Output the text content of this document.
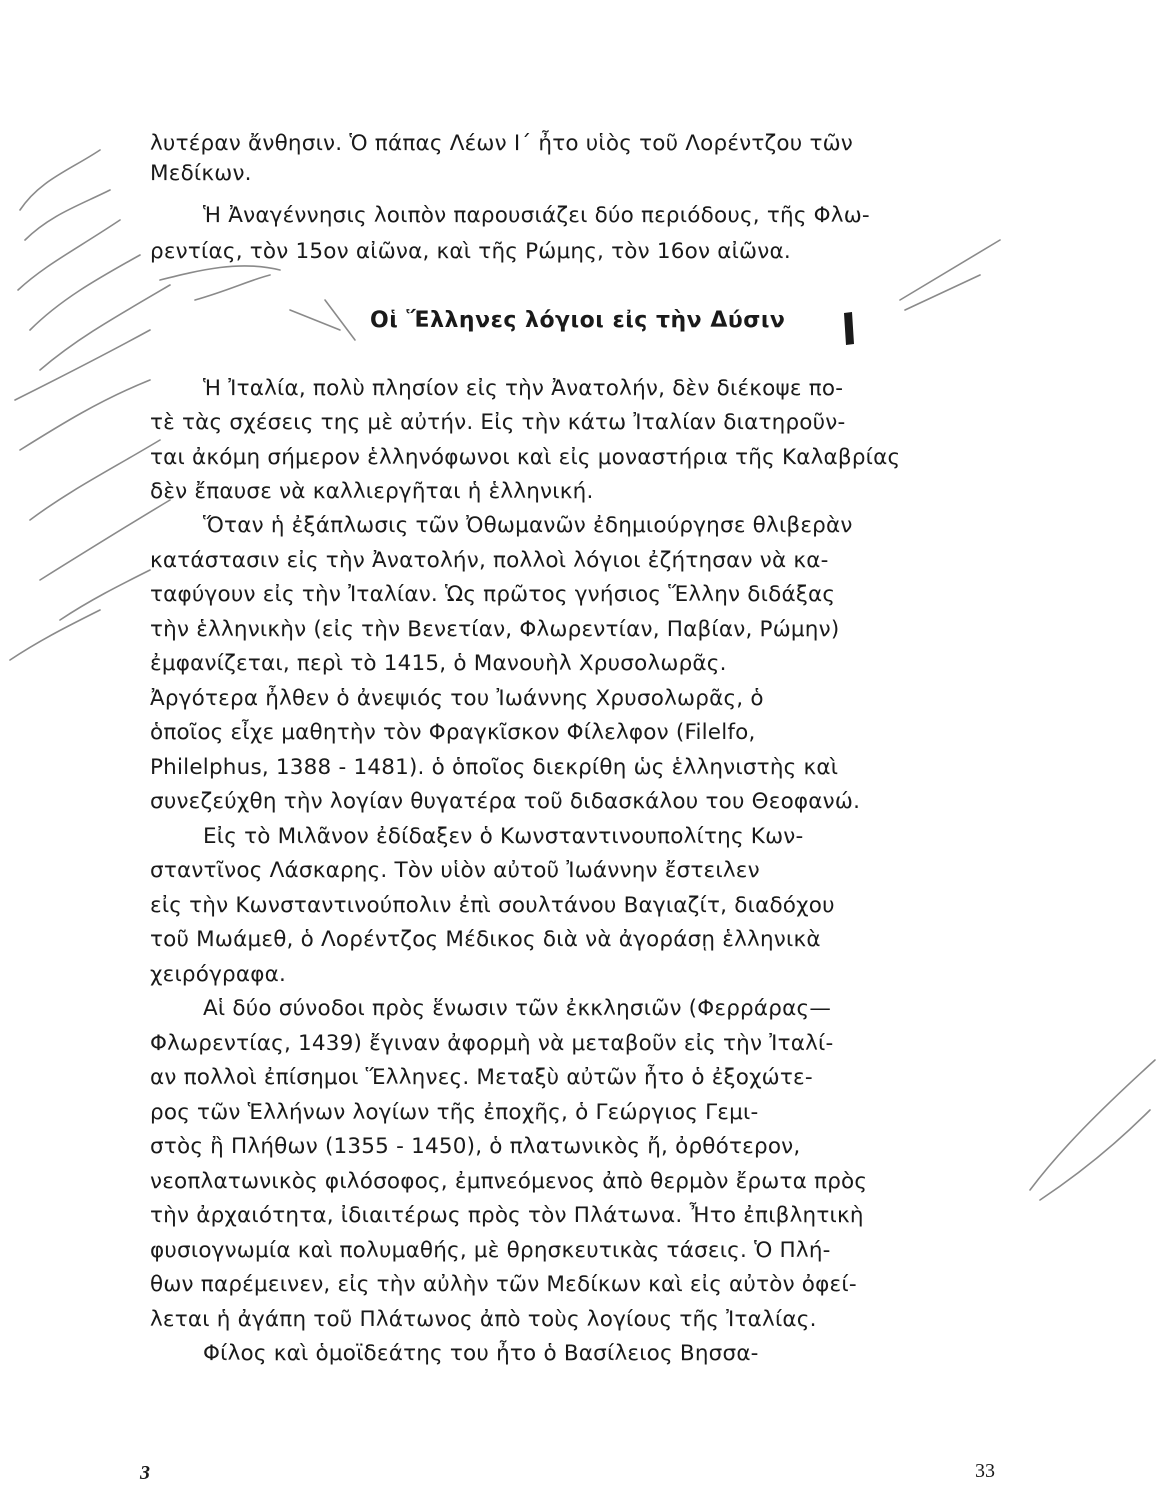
λυτέραν ἄνθησιν. Ὁ πάπας Λέων Ι΄ ἦτο υἱὸς τοῦ Λορέντζου τῶν

Μεδίκων.

Ἡ Ἀναγέννησις λοιπὸν παρουσιάζει δύο περιόδους, τῆς Φλω-

ρεντίας, τὸν 15ον αἰῶνα, καὶ τῆς Ρώμης, τὸν 16ον αἰῶνα.

Οἱ Ἕλληνες λόγιοι εἰς τὴν Δύσιν

Ἡ Ἰταλία, πολὺ πλησίον εἰς τὴν Ἀνατολήν, δὲν διέκοψε πο-

τὲ τὰς σχέσεις της μὲ αὐτήν. Εἰς τὴν κάτω Ἰταλίαν διατηροῦν-

ται ἀκόμη σήμερον ἑλληνόφωνοι καὶ εἰς μοναστήρια τῆς Καλαβρίας

δὲν ἔπαυσε νὰ καλλιεργῆται ἡ ἑλληνική.

Ὅταν ἡ ἐξάπλωσις τῶν Ὀθωμανῶν ἐδημιούργησε θλιβερὰν

κατάστασιν εἰς τὴν Ἀνατολήν, πολλοὶ λόγιοι ἐζήτησαν νὰ κα-

ταφύγουν εἰς τὴν Ἰταλίαν. Ὡς πρῶτος γνήσιος Ἕλλην διδάξας

τὴν ἑλληνικὴν (εἰς τὴν Βενετίαν, Φλωρεντίαν, Παβίαν, Ρώμην)

ἐμφανίζεται, περὶ τὸ 1415, ὁ Μανουὴλ Χρυσολωρᾶς.

Ἀργότερα ἦλθεν ὁ ἀνεψιός του Ἰωάννης Χρυσολωρᾶς, ὁ

ὁποῖος εἶχε μαθητὴν τὸν Φραγκῖσκον Φίλελφον (Filelfo,

Philelphus, 1388 - 1481). ὁ ὁποῖος διεκρίθη ὡς ἑλληνιστὴς καὶ

συνεζεύχθη τὴν λογίαν θυγατέρα τοῦ διδασκάλου του Θεοφανώ.

Εἰς τὸ Μιλᾶνον ἐδίδαξεν ὁ Κωνσταντινουπολίτης Κων-

σταντῖνος Λάσκαρης. Τὸν υἱὸν αὐτοῦ Ἰωάννην ἔστειλεν

εἰς τὴν Κωνσταντινούπολιν ἐπὶ σουλτάνου Βαγιαζίτ, διαδόχου

τοῦ Μωάμεθ, ὁ Λορέντζος Μέδικος διὰ νὰ ἀγοράσῃ ἑλληνικὰ

χειρόγραφα.

Αἱ δύο σύνοδοι πρὸς ἕνωσιν τῶν ἐκκλησιῶν (Φερράρας—

Φλωρεντίας, 1439) ἔγιναν ἀφορμὴ νὰ μεταβοῦν εἰς τὴν Ἰταλί-

αν πολλοὶ ἐπίσημοι Ἕλληνες. Μεταξὺ αὐτῶν ἦτο ὁ ἐξοχώτε-

ρος τῶν Ἑλλήνων λογίων τῆς ἐποχῆς, ὁ Γεώργιος Γεμι-

στὸς ἢ Πλήθων (1355 - 1450), ὁ πλατωνικὸς ἤ, ὀρθότερον,

νεοπλατωνικὸς φιλόσοφος, ἐμπνεόμενος ἀπὸ θερμὸν ἔρωτα πρὸς

τὴν ἀρχαιότητα, ἰδιαιτέρως πρὸς τὸν Πλάτωνα. Ἦτο ἐπιβλητικὴ

φυσιογνωμία καὶ πολυμαθής, μὲ θρησκευτικὰς τάσεις. Ὁ Πλή-

θων παρέμεινεν, εἰς τὴν αὐλὴν τῶν Μεδίκων καὶ εἰς αὐτὸν ὀφεί-

λεται ἡ ἀγάπη τοῦ Πλάτωνος ἀπὸ τοὺς λογίους τῆς Ἰταλίας.

Φίλος καὶ ὁμοϊδεάτης του ἦτο ὁ Βασίλειος Βησσα-

3	33
